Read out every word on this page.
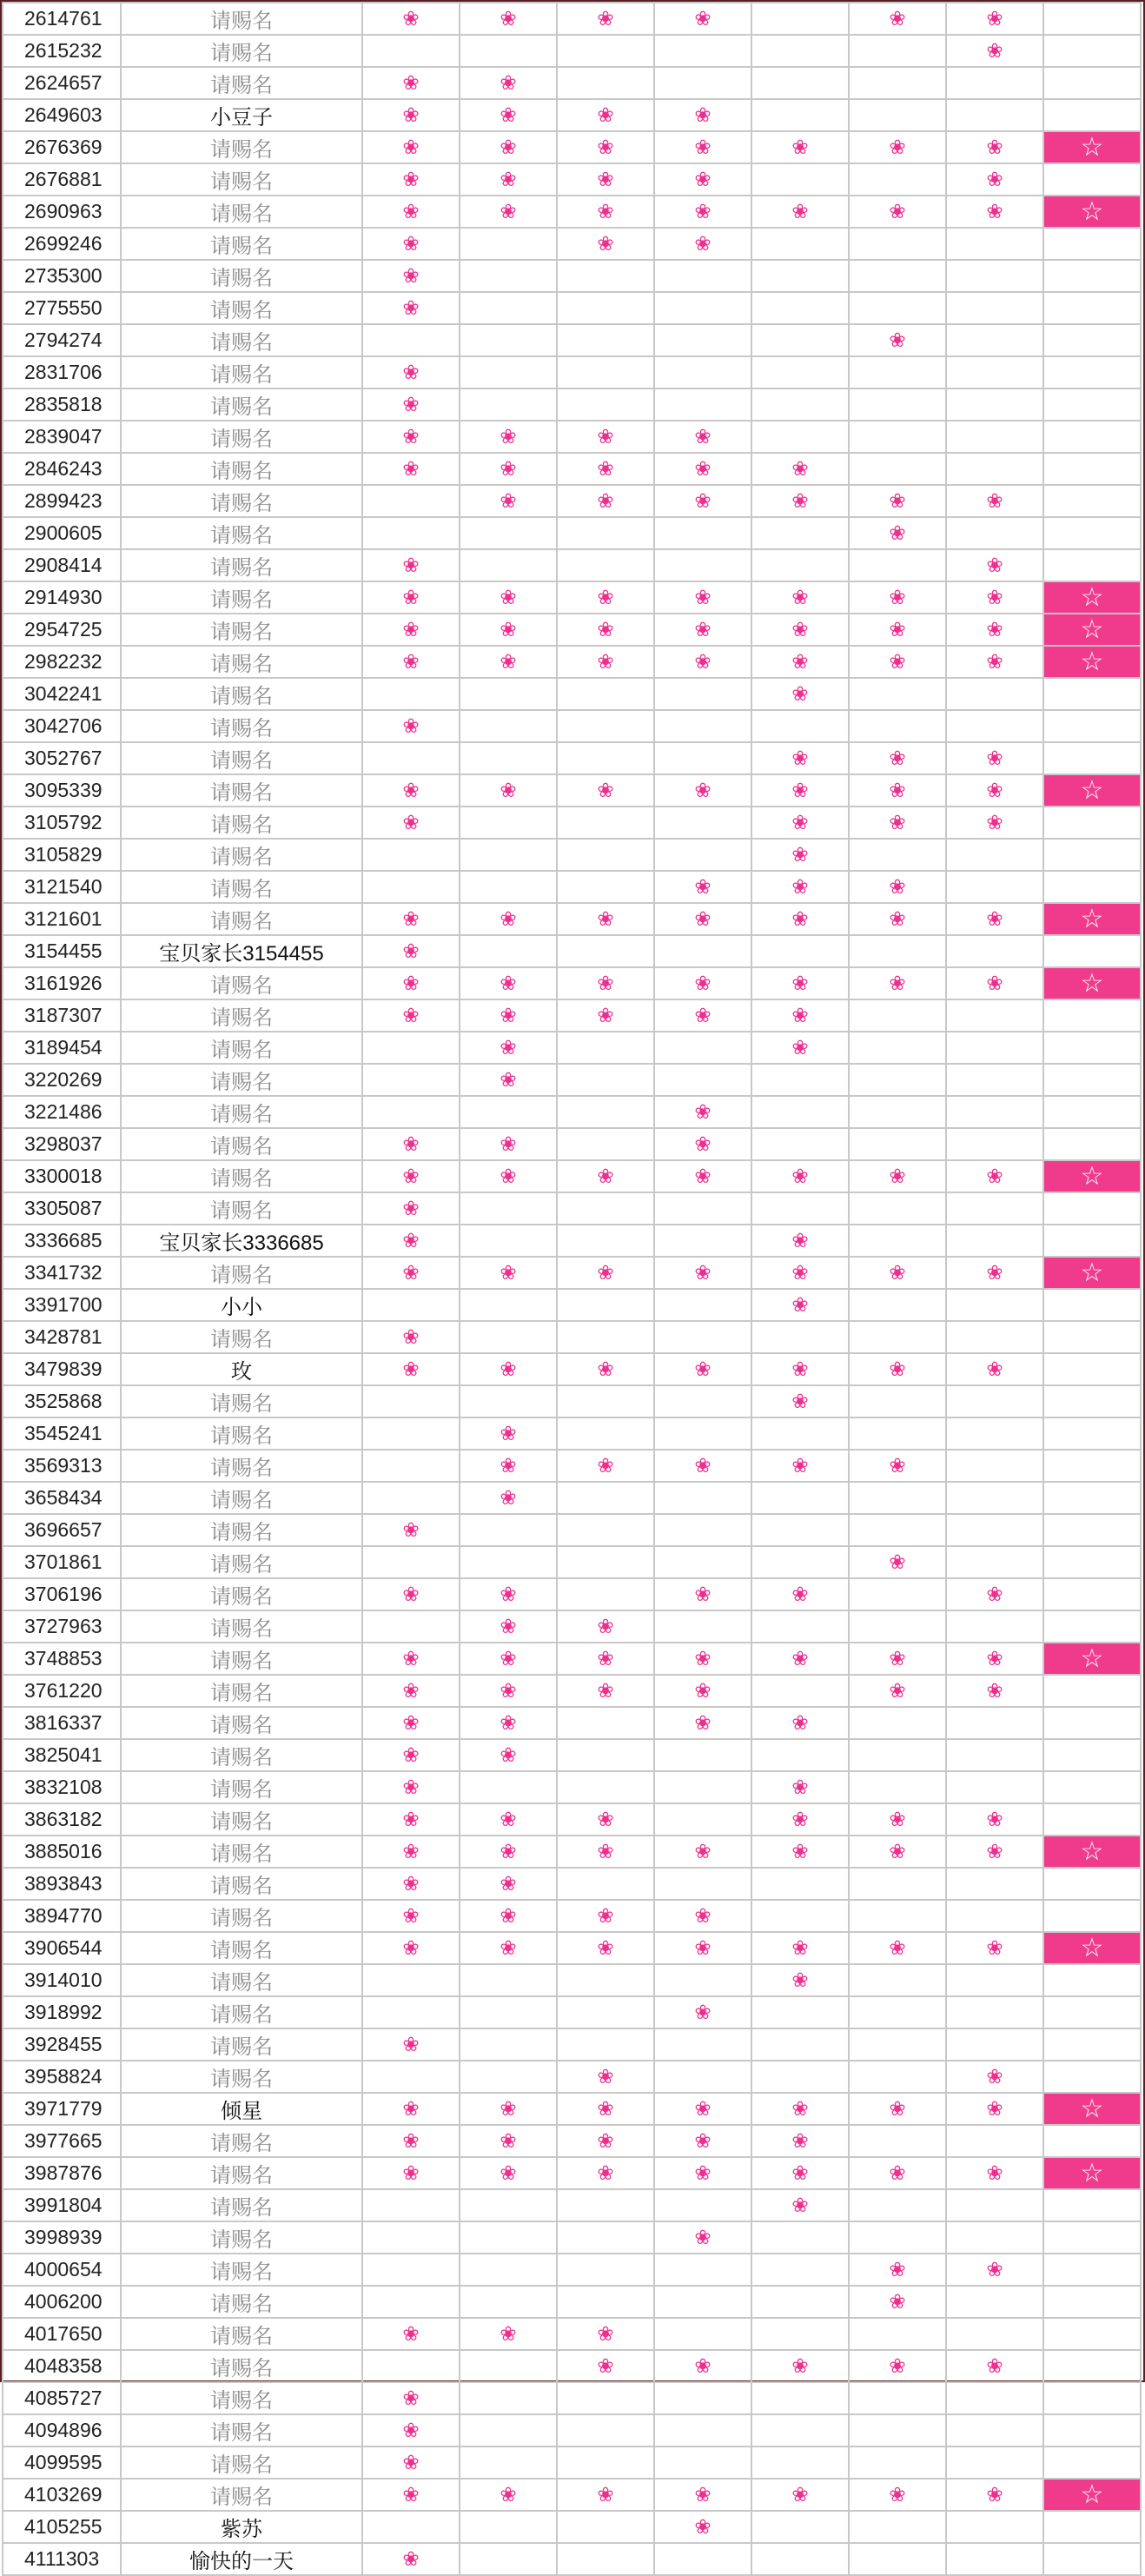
2614761	请赐名	❀	❀	❀	❀		❀	❀	
2615232	请赐名							❀	
2624657	请赐名	❀	❀						
2649603	小豆子	❀	❀	❀	❀				
2676369	请赐名	❀	❀	❀	❀	❀	❀	❀	☆
2676881	请赐名	❀	❀	❀	❀			❀	
2690963	请赐名	❀	❀	❀	❀	❀	❀	❀	☆
2699246	请赐名	❀		❀	❀				
2735300	请赐名	❀							
2775550	请赐名	❀							
2794274	请赐名						❀		
2831706	请赐名	❀							
2835818	请赐名	❀							
2839047	请赐名	❀	❀	❀	❀				
2846243	请赐名	❀	❀	❀	❀	❀			
2899423	请赐名		❀	❀	❀	❀	❀	❀	
2900605	请赐名						❀		
2908414	请赐名	❀						❀	
2914930	请赐名	❀	❀	❀	❀	❀	❀	❀	☆
2954725	请赐名	❀	❀	❀	❀	❀	❀	❀	☆
2982232	请赐名	❀	❀	❀	❀	❀	❀	❀	☆
3042241	请赐名					❀			
3042706	请赐名	❀							
3052767	请赐名					❀	❀	❀	
3095339	请赐名	❀	❀	❀	❀	❀	❀	❀	☆
3105792	请赐名	❀				❀	❀	❀	
3105829	请赐名					❀			
3121540	请赐名				❀	❀	❀		
3121601	请赐名	❀	❀	❀	❀	❀	❀	❀	☆
3154455	宝贝家长3154455	❀							
3161926	请赐名	❀	❀	❀	❀	❀	❀	❀	☆
3187307	请赐名	❀	❀	❀	❀	❀			
3189454	请赐名		❀			❀			
3220269	请赐名		❀						
3221486	请赐名				❀				
3298037	请赐名	❀	❀		❀				
3300018	请赐名	❀	❀	❀	❀	❀	❀	❀	☆
3305087	请赐名	❀							
3336685	宝贝家长3336685	❀				❀			
3341732	请赐名	❀	❀	❀	❀	❀	❀	❀	☆
3391700	小小					❀			
3428781	请赐名	❀							
3479839	玫	❀	❀	❀	❀	❀	❀	❀	
3525868	请赐名					❀			
3545241	请赐名		❀						
3569313	请赐名		❀	❀	❀	❀	❀		
3658434	请赐名		❀						
3696657	请赐名	❀							
3701861	请赐名						❀		
3706196	请赐名	❀	❀		❀	❀		❀	
3727963	请赐名		❀	❀					
3748853	请赐名	❀	❀	❀	❀	❀	❀	❀	☆
3761220	请赐名	❀	❀	❀	❀		❀	❀	
3816337	请赐名	❀	❀		❀	❀			
3825041	请赐名	❀	❀						
3832108	请赐名	❀				❀			
3863182	请赐名	❀	❀	❀		❀	❀	❀	
3885016	请赐名	❀	❀	❀	❀	❀	❀	❀	☆
3893843	请赐名	❀	❀						
3894770	请赐名	❀	❀	❀	❀				
3906544	请赐名	❀	❀	❀	❀	❀	❀	❀	☆
3914010	请赐名					❀			
3918992	请赐名				❀				
3928455	请赐名	❀							
3958824	请赐名			❀				❀	
3971779	倾星	❀	❀	❀	❀	❀	❀	❀	☆
3977665	请赐名	❀	❀	❀	❀	❀			
3987876	请赐名	❀	❀	❀	❀	❀	❀	❀	☆
3991804	请赐名					❀			
3998939	请赐名				❀				
4000654	请赐名						❀	❀	
4006200	请赐名						❀		
4017650	请赐名	❀	❀	❀					
4048358	请赐名			❀	❀	❀	❀	❀	
4085727	请赐名	❀							
4094896	请赐名	❀							
4099595	请赐名	❀							
4103269	请赐名	❀	❀	❀	❀	❀	❀	❀	☆
4105255	紫苏				❀				
4111303	愉快的一天	❀							
